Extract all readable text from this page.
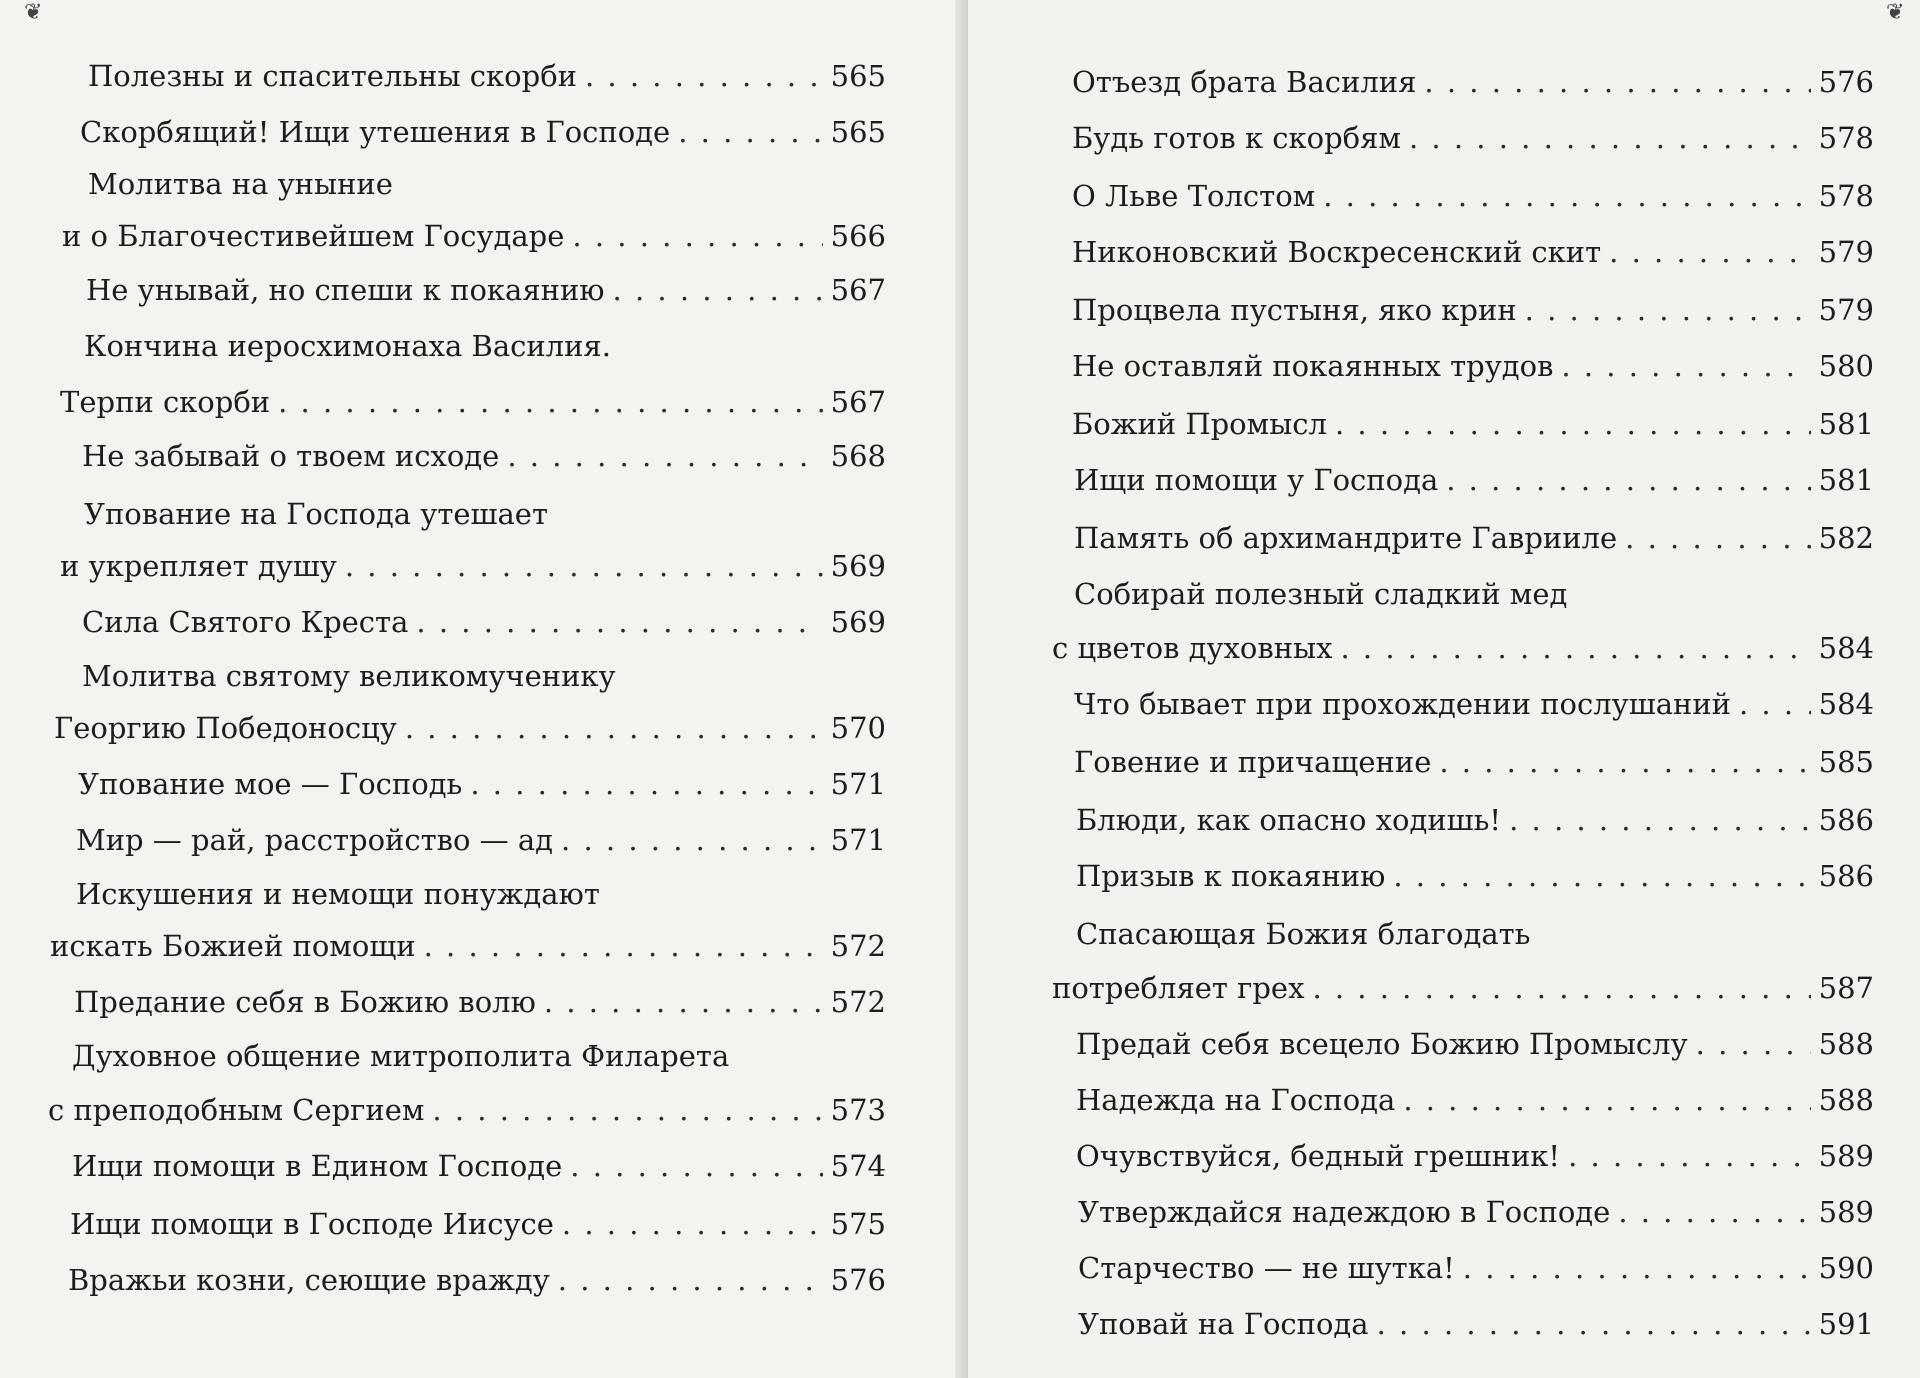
❦
Полезны и спасительны скорби . . .	565
Скорбящий! Ищи утешения в Господе . . .	565
Молитва на уныние
и о Благочестивейшем Государе . . .	566
Не унывай, но спеши к покаянию . . .	567
Кончина иеросхимонаха Василия.
Терпи скорби . . .	567
Не забывай о твоем исходе . . .	568
Упование на Господа утешает
и укрепляет душу . . .	569
Сила Святого Креста . . .	569
Молитва святому великомученику
Георгию Победоносцу . . .	570
Упование мое — Господь . . .	571
Мир — рай, расстройство — ад . . .	571
Искушения и немощи понуждают
искать Божией помощи . . .	572
Предание себя в Божию волю . . .	572
Духовное общение митрополита Филарета
с преподобным Сергием . . .	573
Ищи помощи в Едином Господе . . .	574
Ищи помощи в Господе Иисусе . . .	575
Вражьи козни, сеющие вражду . . .	576
❦
Отъезд брата Василия . . .	576
Будь готов к скорбям . . .	578
О Льве Толстом . . .	578
Никоновский Воскресенский скит . . .	579
Процвела пустыня, яко крин . . .	579
Не оставляй покаянных трудов . . .	580
Божий Промысл . . .	581
Ищи помощи у Господа . . .	581
Память об архимандрите Гаврииле . . .	582
Собирай полезный сладкий мед
с цветов духовных . . .	584
Что бывает при прохождении послушаний . . .	584
Говение и причащение . . .	585
Блюди, как опасно ходишь! . . .	586
Призыв к покаянию . . .	586
Спасающая Божия благодать
потребляет грех . . .	587
Предай себя всецело Божию Промыслу . . .	588
Надежда на Господа . . .	588
Очувствуйся, бедный грешник! . . .	589
Утверждайся надеждою в Господе . . .	589
Старчество — не шутка! . . .	590
Уповай на Господа . . .	591
